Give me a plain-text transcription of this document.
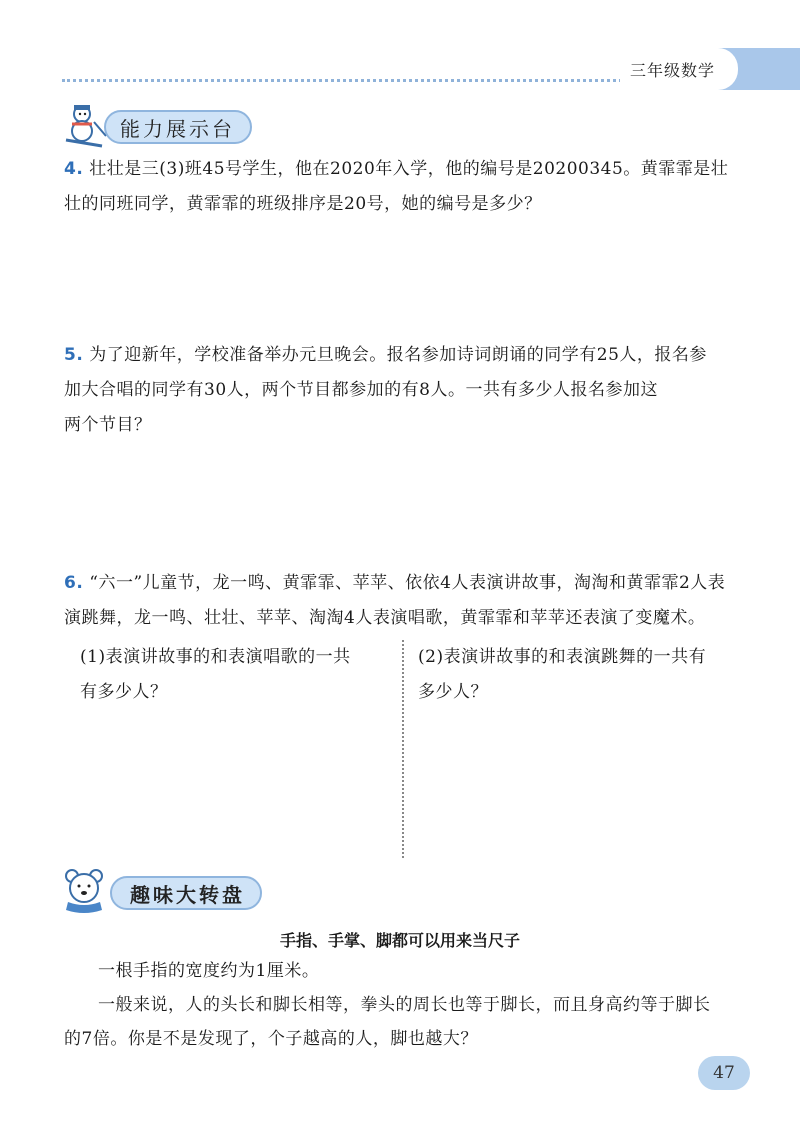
三年级数学
能力展示台
4. 壮壮是三(3)班45号学生，他在2020年入学，他的编号是20200345。黄霏霏是壮
壮的同班同学，黄霏霏的班级排序是20号，她的编号是多少？
5. 为了迎新年，学校准备举办元旦晚会。报名参加诗词朗诵的同学有25人，报名参
加大合唱的同学有30人，两个节目都参加的有8人。一共有多少人报名参加这
两个节目？
6. “六一”儿童节，龙一鸣、黄霏霏、苹苹、依依4人表演讲故事，淘淘和黄霏霏2人表
演跳舞，龙一鸣、壮壮、苹苹、淘淘4人表演唱歌，黄霏霏和苹苹还表演了变魔术。
(1)表演讲故事的和表演唱歌的一共
有多少人？
(2)表演讲故事的和表演跳舞的一共有
多少人？
趣味大转盘
手指、手掌、脚都可以用来当尺子
一根手指的宽度约为1厘米。
一般来说，人的头长和脚长相等，拳头的周长也等于脚长，而且身高约等于脚长
的7倍。你是不是发现了，个子越高的人，脚也越大？
47
